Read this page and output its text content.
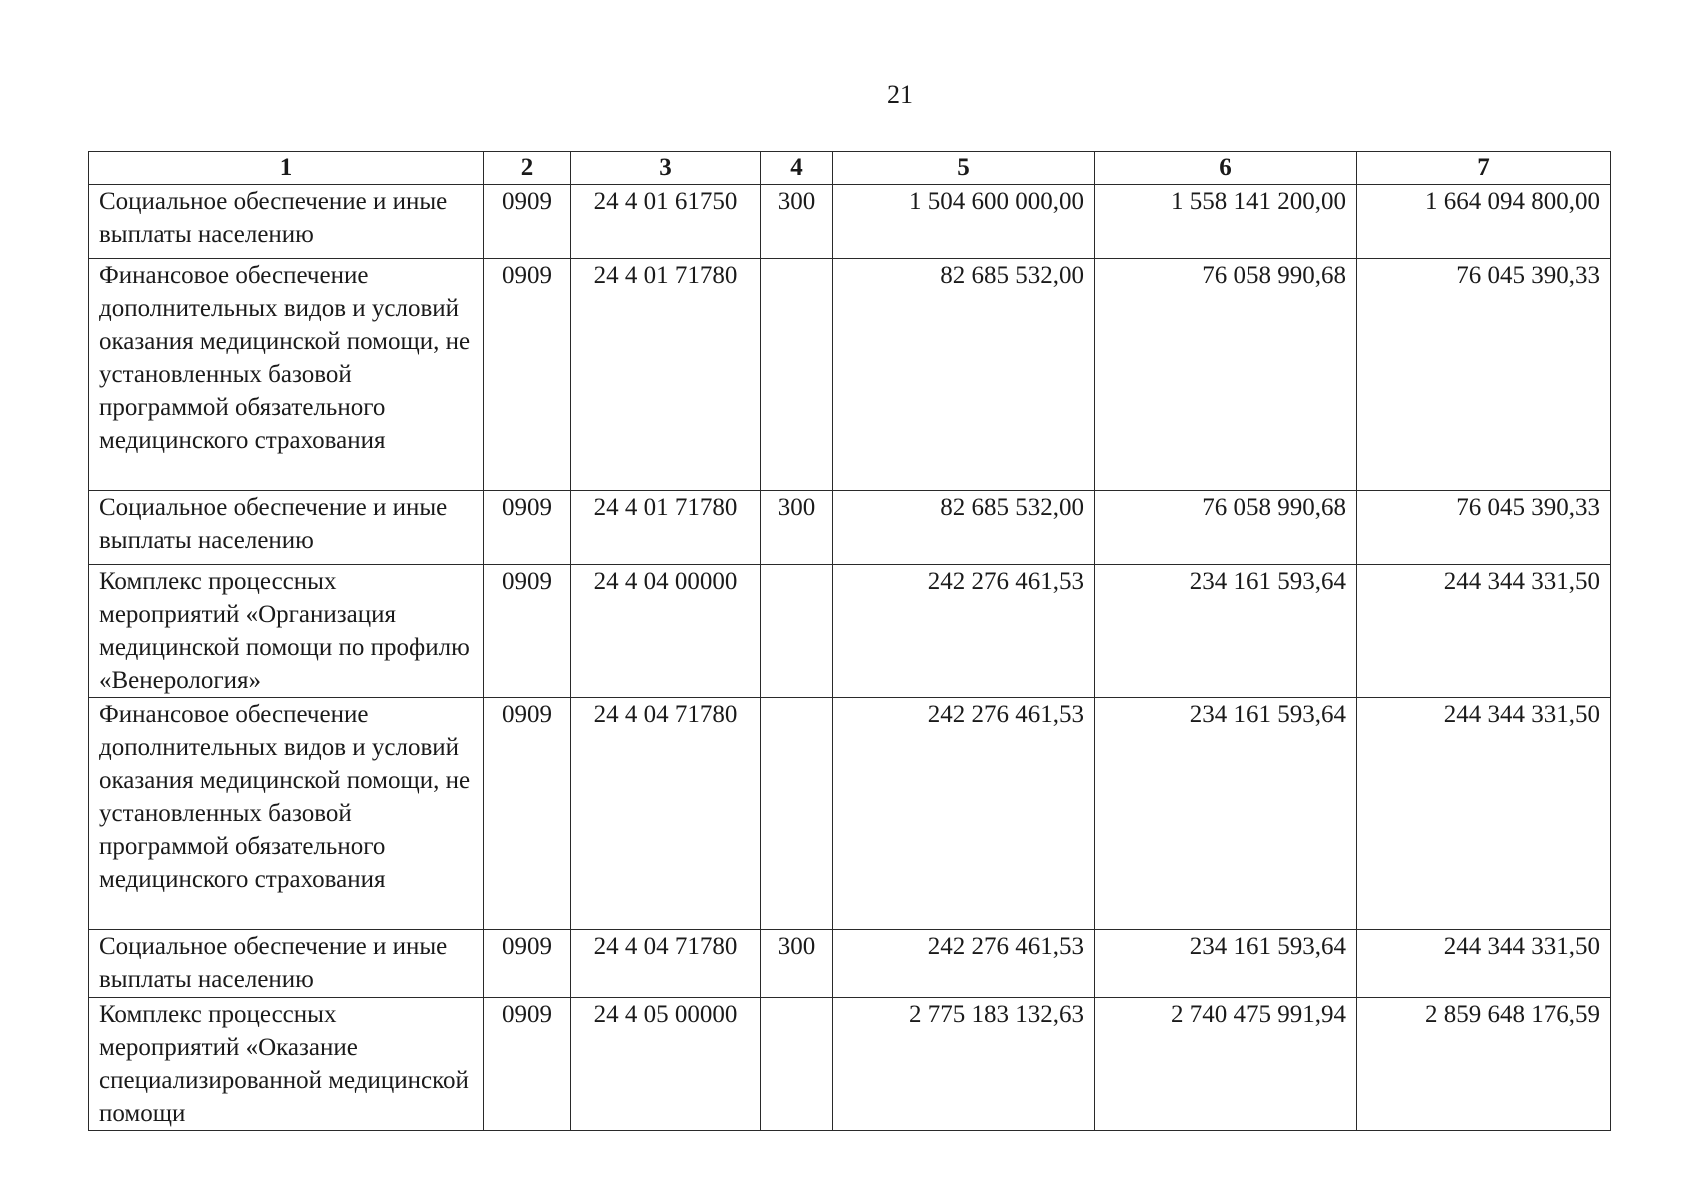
21
1	2	3	4	5	6	7
Социальное обеспечение и иные выплаты населению	0909	24 4 01 61750	300	1 504 600 000,00	1 558 141 200,00	1 664 094 800,00
Финансовое обеспечение дополнительных видов и условий оказания медицинской помощи, не установленных базовой программой обязательного медицинского страхования	0909	24 4 01 71780		82 685 532,00	76 058 990,68	76 045 390,33
Социальное обеспечение и иные выплаты населению	0909	24 4 01 71780	300	82 685 532,00	76 058 990,68	76 045 390,33
Комплекс процессных мероприятий «Организация медицинской помощи по профилю «Венерология»	0909	24 4 04 00000		242 276 461,53	234 161 593,64	244 344 331,50
Финансовое обеспечение дополнительных видов и условий оказания медицинской помощи, не установленных базовой программой обязательного медицинского страхования	0909	24 4 04 71780		242 276 461,53	234 161 593,64	244 344 331,50
Социальное обеспечение и иные выплаты населению	0909	24 4 04 71780	300	242 276 461,53	234 161 593,64	244 344 331,50
Комплекс процессных мероприятий «Оказание специализированной медицинской помощи	0909	24 4 05 00000		2 775 183 132,63	2 740 475 991,94	2 859 648 176,59
